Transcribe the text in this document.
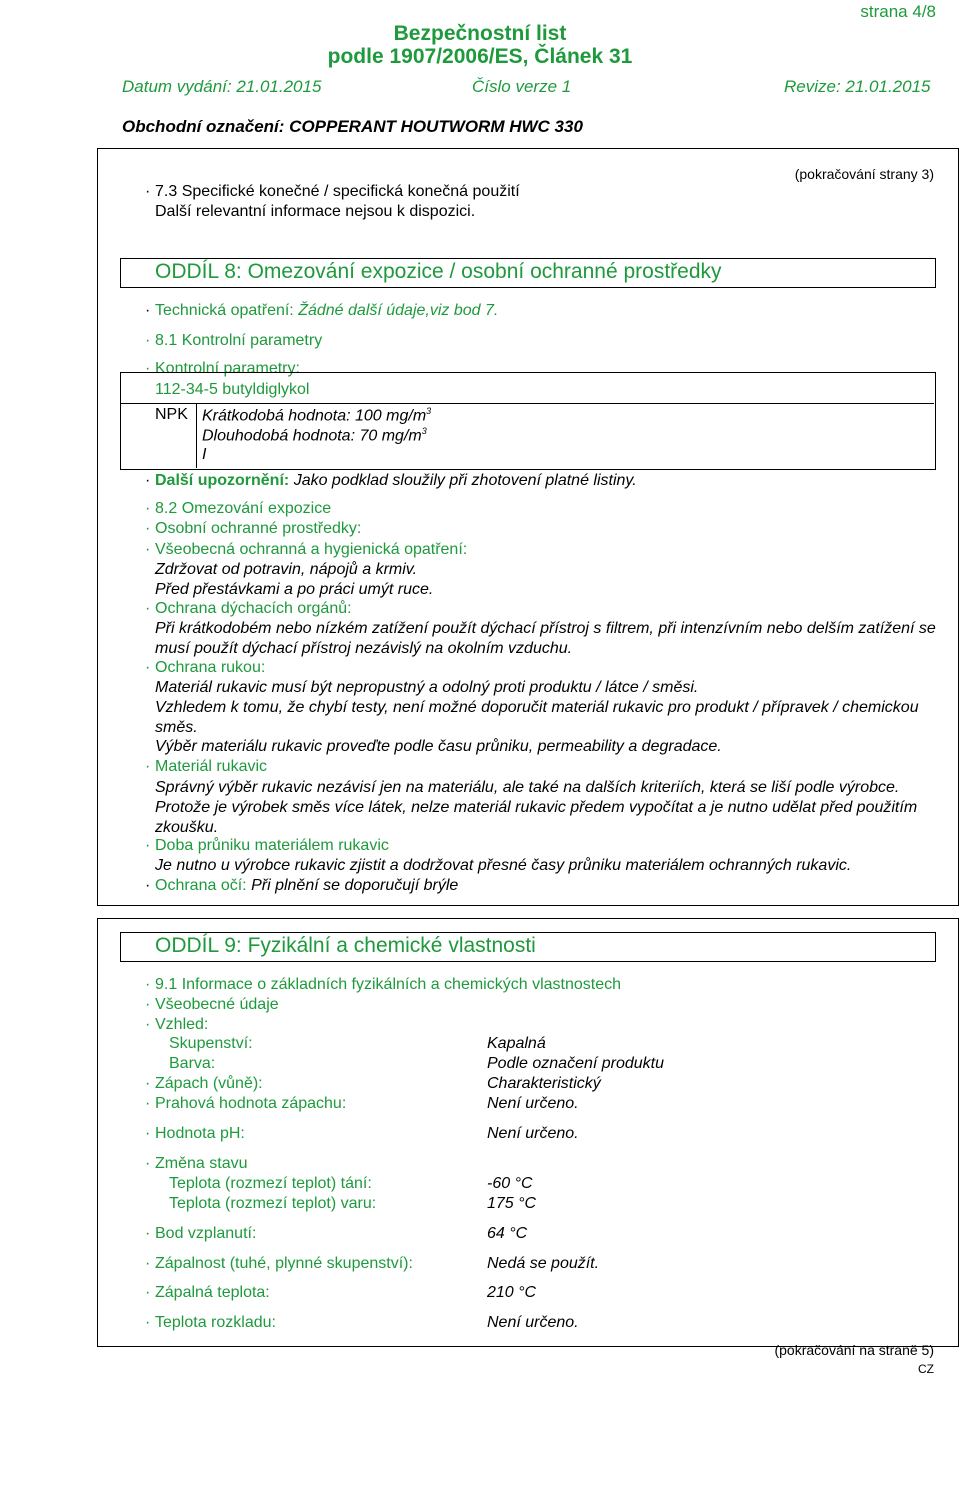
strana 4/8
Bezpečnostní list
podle 1907/2006/ES, Článek 31
Datum vydání: 21.01.2015	Číslo verze 1	Revize: 21.01.2015
Obchodní označení: COPPERANT HOUTWORM HWC 330
(pokračování strany 3)
· 7.3 Specifické konečné / specifická konečná použití
Další relevantní informace nejsou k dispozici.
ODDÍL 8: Omezování expozice / osobní ochranné prostředky
· Technická opatření: Žádné další údaje,viz bod 7.
· 8.1 Kontrolní parametry
· Kontrolní parametry:
112-34-5 butyldiglykol
NPK Krátkodobá hodnota: 100 $mg/m^3$
Dlouhodobá hodnota: 70 $mg/m^3$
I
· Další upozornění: Jako podklad sloužily při zhotovení platné listiny.
· 8.2 Omezování expozice
· Osobní ochranné prostředky:
· Všeobecná ochranná a hygienická opatření:
Zdržovat od potravin, nápojů a krmiv.
Před přestávkami a po práci umýt ruce.
· Ochrana dýchacích orgánů:
Při krátkodobém nebo nízkém zatížení použít dýchací přístroj s filtrem, při intenzívním nebo delším zatížení se musí použít dýchací přístroj nezávislý na okolním vzduchu.
· Ochrana rukou:
Materiál rukavic musí být nepropustný a odolný proti produktu / látce / směsi.
Vzhledem k tomu, že chybí testy, není možné doporučit materiál rukavic pro produkt / přípravek / chemickou směs.
Výběr materiálu rukavic proveďte podle času průniku, permeability a degradace.
· Materiál rukavic
Správný výběr rukavic nezávisí jen na materiálu, ale také na dalších kriteriích, která se liší podle výrobce. Protože je výrobek směs více látek, nelze materiál rukavic předem vypočítat a je nutno udělat před použitím zkoušku.
· Doba průniku materiálem rukavic
Je nutno u výrobce rukavic zjistit a dodržovat přesné časy průniku materiálem ochranných rukavic.
· Ochrana očí: Při plnění se doporučují brýle
ODDÍL 9: Fyzikální a chemické vlastnosti
· 9.1 Informace o základních fyzikálních a chemických vlastnostech
· Všeobecné údaje
· Vzhled:
Skupenství:	Kapalná
Barva:	Podle označení produktu
· Zápach (vůně):	Charakteristický
· Prahová hodnota zápachu:	Není určeno.
· Hodnota pH:	Není určeno.
· Změna stavu
Teplota (rozmezí teplot) tání:	-60 °C
Teplota (rozmezí teplot) varu:	175 °C
· Bod vzplanutí:	64 °C
· Zápalnost (tuhé, plynné skupenství):	Nedá se použít.
· Zápalná teplota:	210 °C
· Teplota rozkladu:	Není určeno.
(pokračování na straně 5)
CZ
